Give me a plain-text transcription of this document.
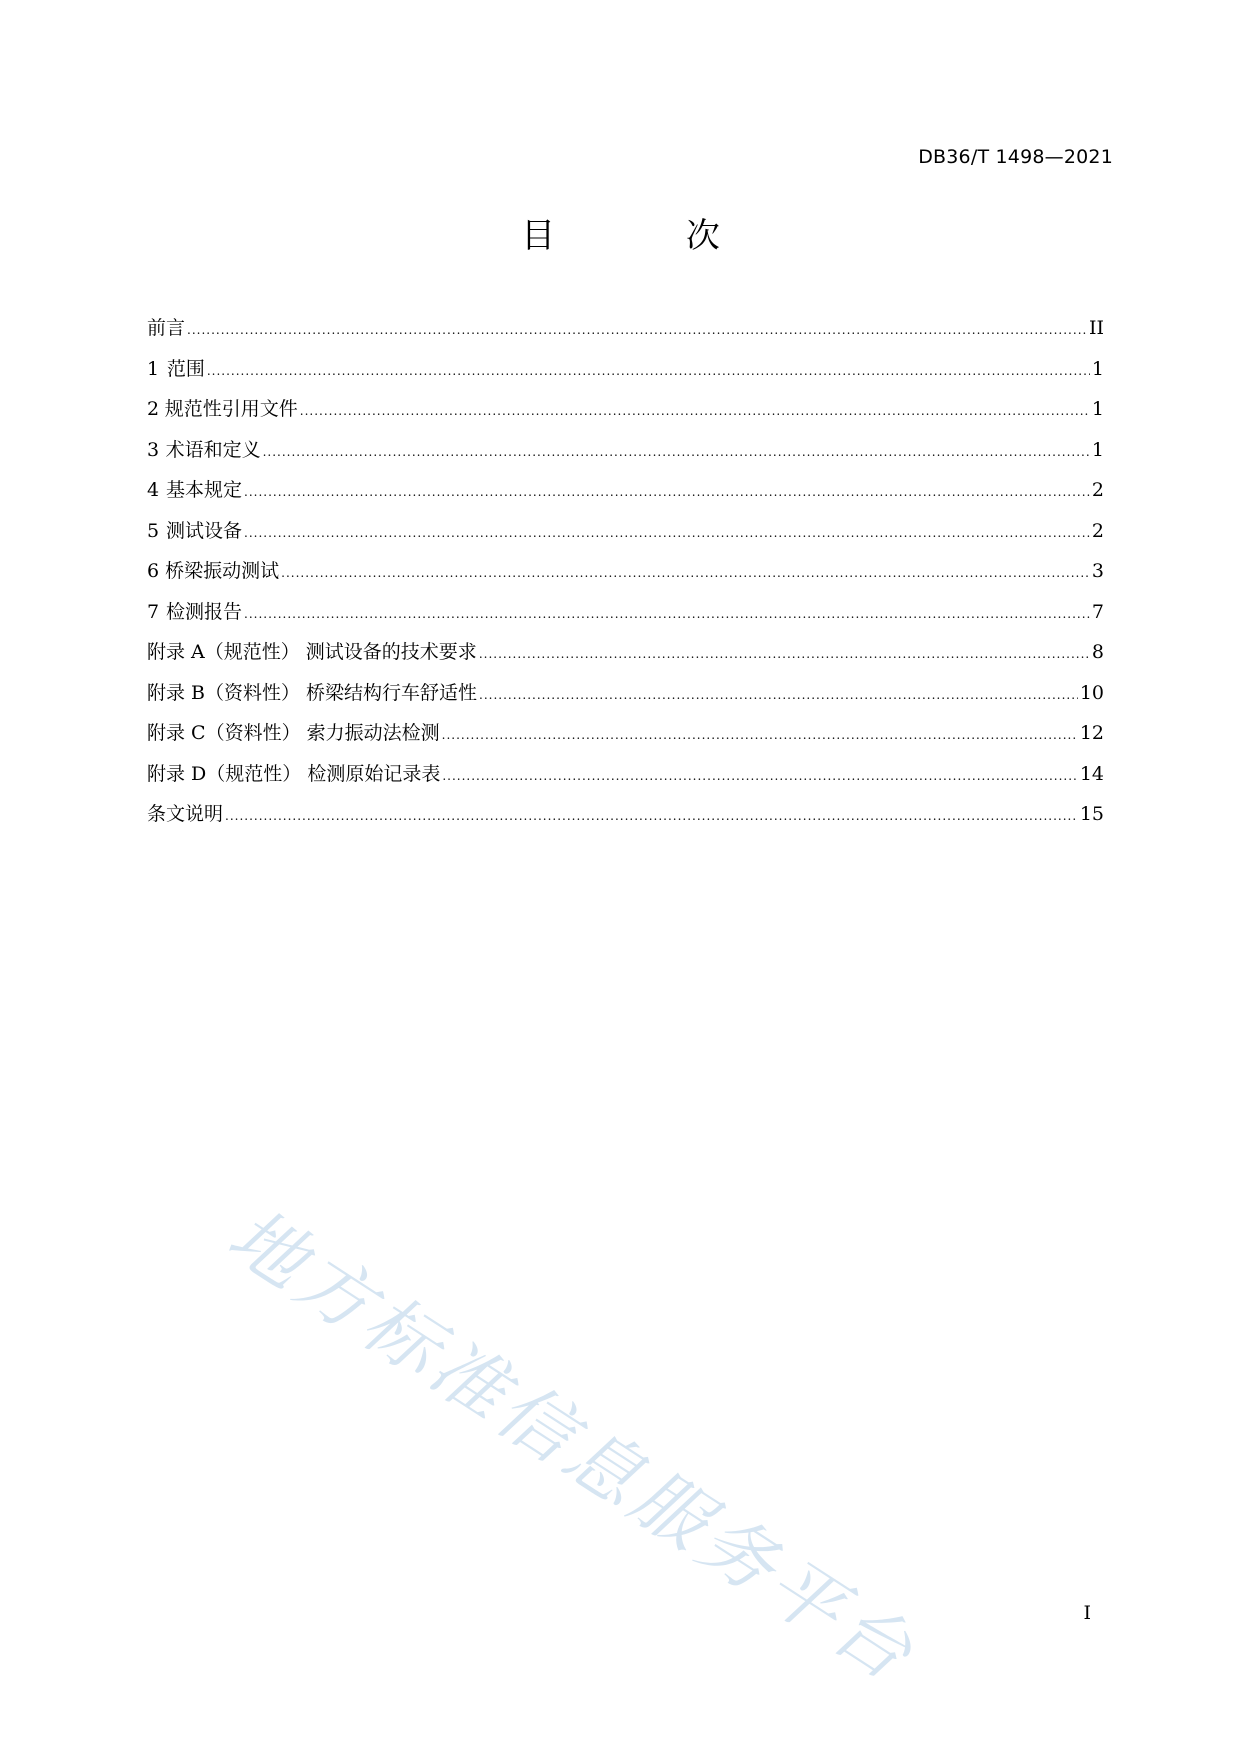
DB36/T 1498—2021
目 次
前言 .....	II
1 范围 .....	1
2 规范性引用文件 .....	1
3 术语和定义 .....	1
4 基本规定 .....	2
5 测试设备 .....	2
6 桥梁振动测试 .....	3
7 检测报告 .....	7
附录 A（规范性） 测试设备的技术要求 .....	8
附录 B（资料性） 桥梁结构行车舒适性 .....	10
附录 C（资料性） 索力振动法检测 .....	12
附录 D（规范性） 检测原始记录表 .....	14
条文说明 .....	15
地方标准信息服务平台	I
